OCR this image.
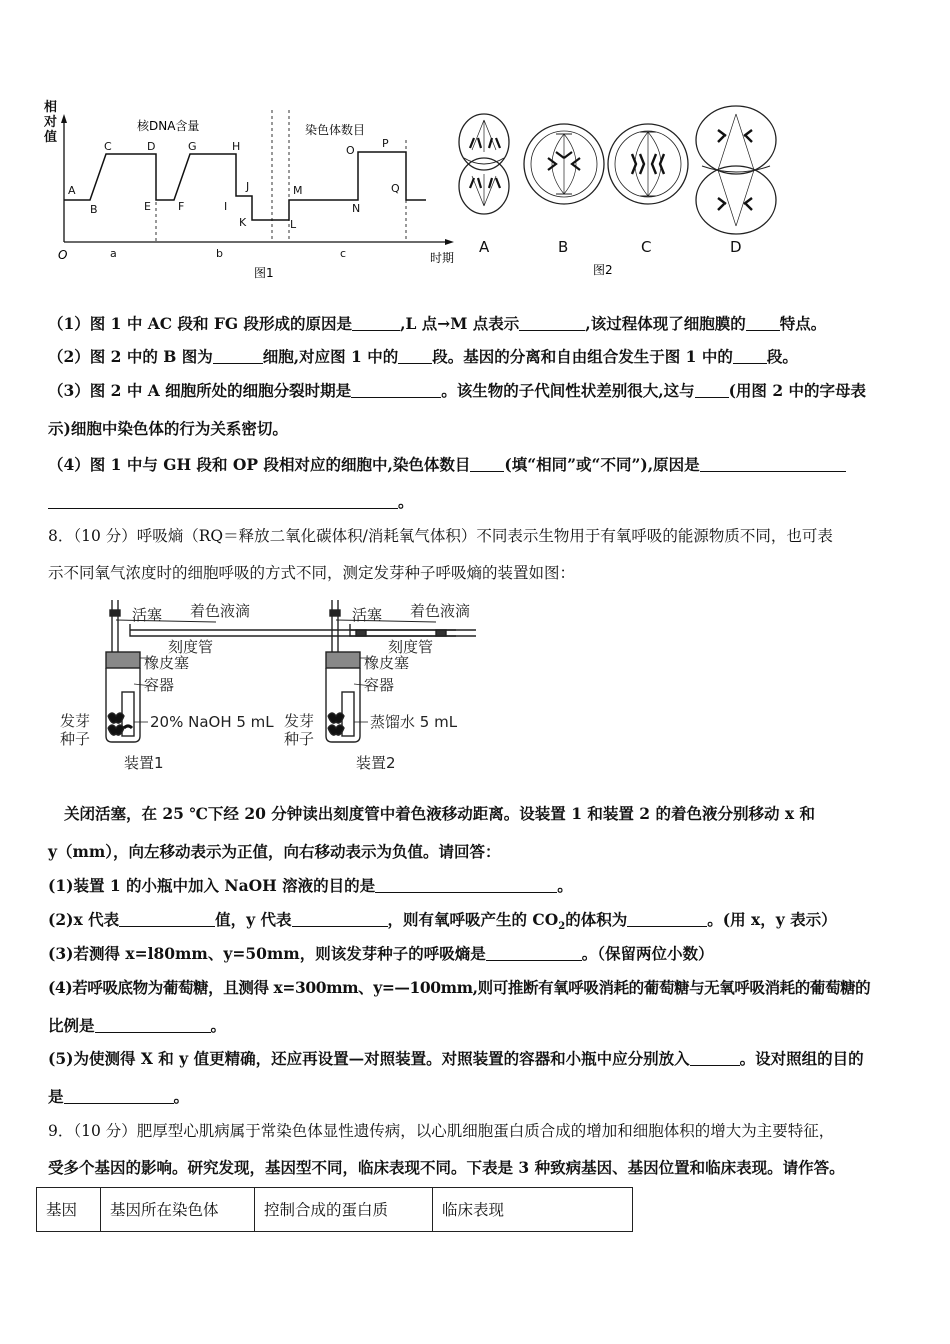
相
对
值
O	时期
核DNA含量	染色体数目
A
B
C	D
E F
G	H
I
J
K	L
M
N
O
P
Q
a	b	c
图1
A	B	C	D
图2
（1）图 1 中 AC 段和 FG 段形成的原因是	,L 点→M 点表示	,该过程体现了细胞膜的 特点。
（2）图 2 中的 B 图为	细胞,对应图 1 中的 段。基因的分离和自由组合发生于图 1 中的 段。
（3）图 2 中 A 细胞所处的细胞分裂时期是	。该生物的子代间性状差别很大,这与 (用图 2 中的字母表
示)细胞中染色体的行为关系密切。
（4）图 1 中与 GH 段和 OP 段相对应的细胞中,染色体数目 (填“相同”或“不同”),原因是
。
8．（10 分）呼吸熵（RQ＝释放二氧化碳体积/消耗氧气体积）不同表示生物用于有氧呼吸的能源物质不同，也可表
示不同氧气浓度时的细胞呼吸的方式不同，测定发芽种子呼吸熵的装置如图：
活塞 着色液滴
刻度管
橡皮塞
容器
发芽
种子
20% NaOH 5 mL
装置1
活塞 着色液滴
刻度管
橡皮塞
容器
发芽
种子
蒸馏水 5 mL
装置2
关闭活塞，在 25 ℃下经 20 分钟读出刻度管中着色液移动距离。设装置 1 和装置 2 的着色液分别移动 x 和
y（mm），向左移动表示为正值，向右移动表示为负值。请回答：
(1)装置 1 的小瓶中加入 NaOH 溶液的目的是	。
(2)x 代表	值，y 代表	，则有氧呼吸产生的 $CO_2$的体积为	。(用 x，y 表示）
(3)若测得 x=l80mm、y=50mm，则该发芽种子的呼吸熵是	。（保留两位小数）
(4)若呼吸底物为葡萄糖，且测得 x=300mm、y=—100mm,则可推断有氧呼吸消耗的葡萄糖与无氧呼吸消耗的葡萄糖的
比例是	。
(5)为使测得 X 和 y 值更精确，还应再设置—对照装置。对照装置的容器和小瓶中应分别放入	。设对照组的目的
是	。
9．（10 分）肥厚型心肌病属于常染色体显性遗传病，以心肌细胞蛋白质合成的增加和细胞体积的增大为主要特征，
受多个基因的影响。研究发现，基因型不同，临床表现不同。下表是 3 种致病基因、基因位置和临床表现。请作答。
基因	基因所在染色体	控制合成的蛋白质	临床表现
